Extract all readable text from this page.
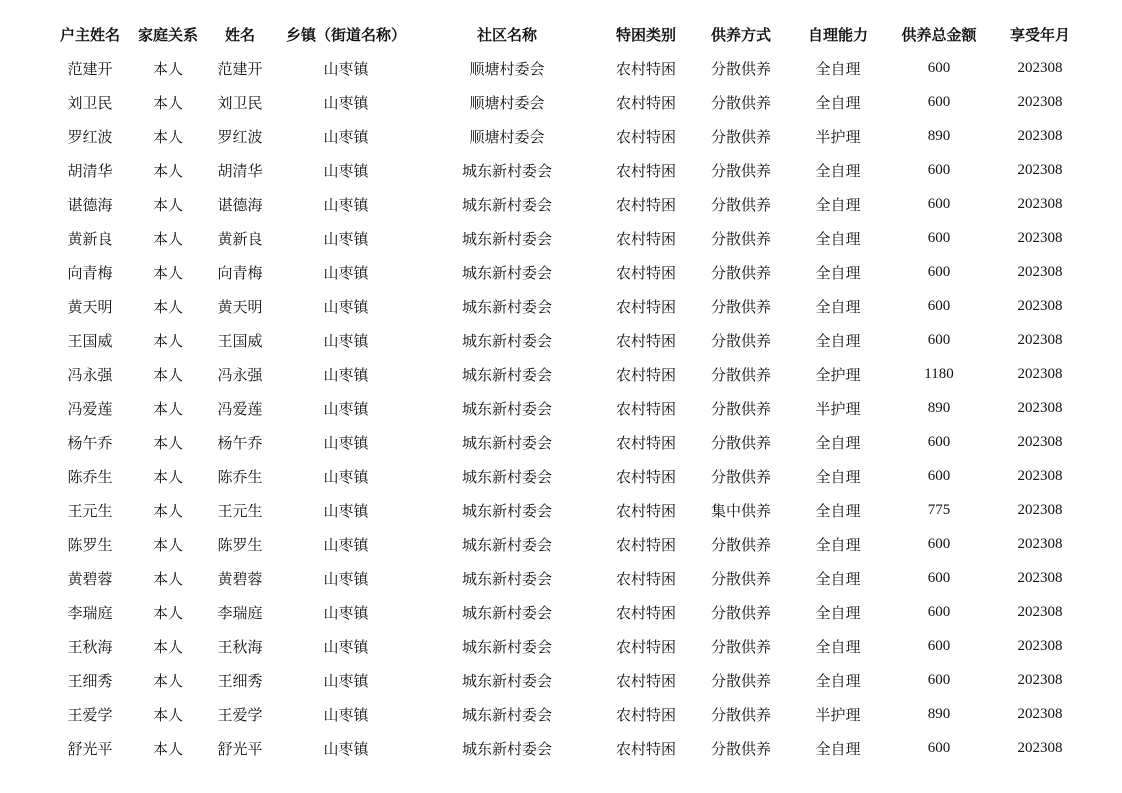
户主姓名	家庭关系	姓名	乡镇（街道名称）	社区名称	特困类别	供养方式	自理能力	供养总金额	享受年月
范建开	本人	范建开	山枣镇	顺塘村委会	农村特困	分散供养	全自理	600	202308
刘卫民	本人	刘卫民	山枣镇	顺塘村委会	农村特困	分散供养	全自理	600	202308
罗红波	本人	罗红波	山枣镇	顺塘村委会	农村特困	分散供养	半护理	890	202308
胡清华	本人	胡清华	山枣镇	城东新村委会	农村特困	分散供养	全自理	600	202308
谌德海	本人	谌德海	山枣镇	城东新村委会	农村特困	分散供养	全自理	600	202308
黄新良	本人	黄新良	山枣镇	城东新村委会	农村特困	分散供养	全自理	600	202308
向青梅	本人	向青梅	山枣镇	城东新村委会	农村特困	分散供养	全自理	600	202308
黄天明	本人	黄天明	山枣镇	城东新村委会	农村特困	分散供养	全自理	600	202308
王国威	本人	王国威	山枣镇	城东新村委会	农村特困	分散供养	全自理	600	202308
冯永强	本人	冯永强	山枣镇	城东新村委会	农村特困	分散供养	全护理	1180	202308
冯爱莲	本人	冯爱莲	山枣镇	城东新村委会	农村特困	分散供养	半护理	890	202308
杨午乔	本人	杨午乔	山枣镇	城东新村委会	农村特困	分散供养	全自理	600	202308
陈乔生	本人	陈乔生	山枣镇	城东新村委会	农村特困	分散供养	全自理	600	202308
王元生	本人	王元生	山枣镇	城东新村委会	农村特困	集中供养	全自理	775	202308
陈罗生	本人	陈罗生	山枣镇	城东新村委会	农村特困	分散供养	全自理	600	202308
黄碧蓉	本人	黄碧蓉	山枣镇	城东新村委会	农村特困	分散供养	全自理	600	202308
李瑞庭	本人	李瑞庭	山枣镇	城东新村委会	农村特困	分散供养	全自理	600	202308
王秋海	本人	王秋海	山枣镇	城东新村委会	农村特困	分散供养	全自理	600	202308
王细秀	本人	王细秀	山枣镇	城东新村委会	农村特困	分散供养	全自理	600	202308
王爱学	本人	王爱学	山枣镇	城东新村委会	农村特困	分散供养	半护理	890	202308
舒光平	本人	舒光平	山枣镇	城东新村委会	农村特困	分散供养	全自理	600	202308
